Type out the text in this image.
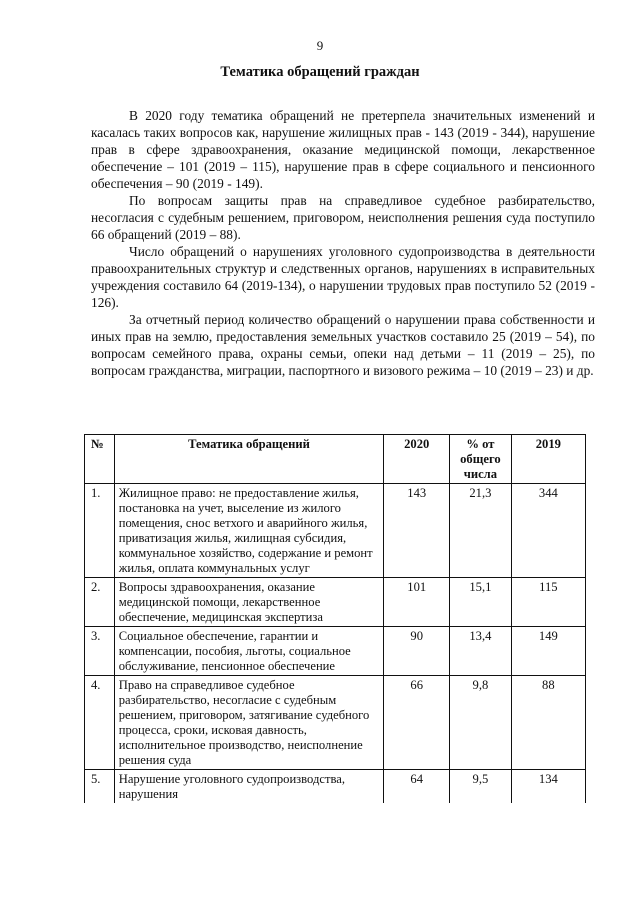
9
Тематика обращений граждан

В 2020 году тематика обращений не претерпела значительных изменений и касалась таких вопросов как, нарушение жилищных прав - 143 (2019 - 344), нарушение прав в сфере здравоохранения, оказание медицинской помощи, лекарственное обеспечение – 101 (2019 – 115), нарушение прав в сфере социального и пенсионного обеспечения – 90 (2019 - 149).

По вопросам защиты прав на справедливое судебное разбирательство, несогласия с судебным решением, приговором, неисполнения решения суда поступило 66 обращений (2019 – 88).

Число обращений о нарушениях уголовного судопроизводства в деятельности правоохранительных структур и следственных органов, нарушениях в исправительных учреждения составило 64 (2019-134), о нарушении трудовых прав поступило 52 (2019 - 126).

За отчетный период количество обращений о нарушении права собственности и иных прав на землю, предоставления земельных участков составило 25 (2019 – 54), по вопросам семейного права, охраны семьи, опеки над детьми – 11 (2019 – 25), по вопросам гражданства, миграции, паспортного и визового режима – 10 (2019 – 23) и др.

№	Тематика обращений	2020	% от общего числа	2019
1.	Жилищное право: не предоставление жилья, постановка на учет, выселение из жилого помещения, снос ветхого и аварийного жилья, приватизация жилья, жилищная субсидия, коммунальное хозяйство, содержание и ремонт жилья, оплата коммунальных услуг	143	21,3	344
2.	Вопросы здравоохранения, оказание медицинской помощи, лекарственное обеспечение, медицинская экспертиза	101	15,1	115
3.	Социальное обеспечение, гарантии и компенсации, пособия, льготы, социальное обслуживание, пенсионное обеспечение	90	13,4	149
4.	Право на справедливое судебное разбирательство, несогласие с судебным решением, приговором, затягивание судебного процесса, сроки, исковая давность, исполнительное производство, неисполнение решения суда	66	9,8	88
5.	Нарушение уголовного судопроизводства, нарушения	64	9,5	134
